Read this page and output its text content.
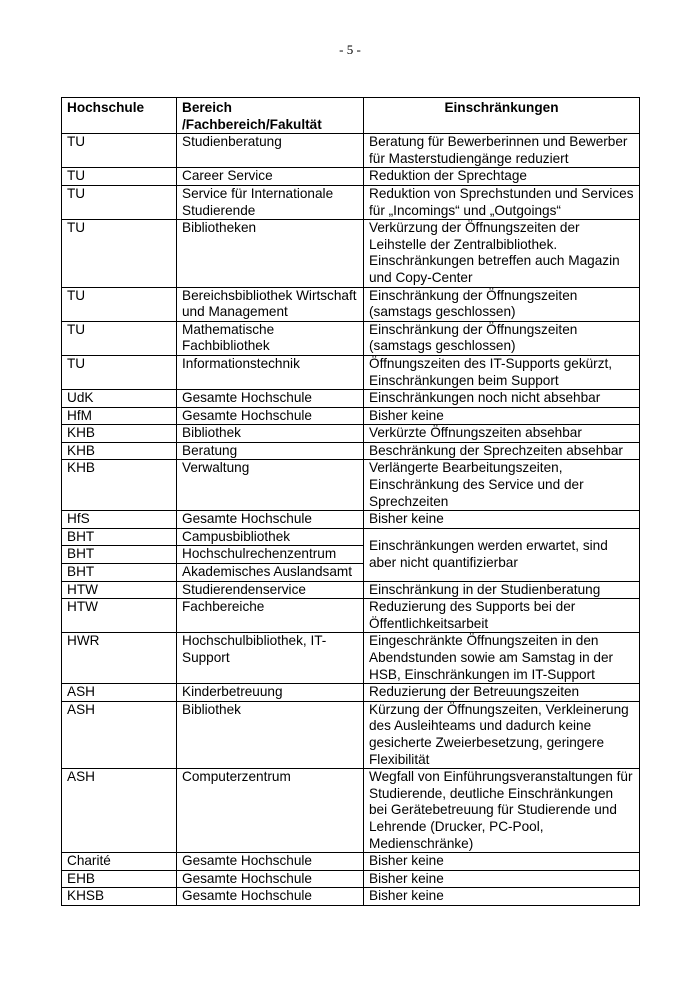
- 5 -
Hochschule	Bereich /Fachbereich/Fakultät	Einschränkungen
TU	Studienberatung	Beratung für Bewerberinnen und Bewerber für Masterstudiengänge reduziert
TU	Career Service	Reduktion der Sprechtage
TU	Service für Internationale Studierende	Reduktion von Sprechstunden und Services für „Incomings“ und „Outgoings“
TU	Bibliotheken	Verkürzung der Öffnungszeiten der Leihstelle der Zentralbibliothek. Einschränkungen betreffen auch Magazin und Copy-Center
TU	Bereichsbibliothek Wirtschaft und Management	Einschränkung der Öffnungszeiten (samstags geschlossen)
TU	Mathematische Fachbibliothek	Einschränkung der Öffnungszeiten (samstags geschlossen)
TU	Informationstechnik	Öffnungszeiten des IT-Supports gekürzt, Einschränkungen beim Support
UdK	Gesamte Hochschule	Einschränkungen noch nicht absehbar
HfM	Gesamte Hochschule	Bisher keine
KHB	Bibliothek	Verkürzte Öffnungszeiten absehbar
KHB	Beratung	Beschränkung der Sprechzeiten absehbar
KHB	Verwaltung	Verlängerte Bearbeitungszeiten, Einschränkung des Service und der Sprechzeiten
HfS	Gesamte Hochschule	Bisher keine
BHT	Campusbibliothek	Einschränkungen werden erwartet, sind aber nicht quantifizierbar
BHT	Hochschulrechenzentrum	
BHT	Akademisches Auslandsamt	
HTW	Studierendenservice	Einschränkung in der Studienberatung
HTW	Fachbereiche	Reduzierung des Supports bei der Öffentlichkeitsarbeit
HWR	Hochschulbibliothek, IT-Support	Eingeschränkte Öffnungszeiten in den Abendstunden sowie am Samstag in der HSB, Einschränkungen im IT-Support
ASH	Kinderbetreuung	Reduzierung der Betreuungszeiten
ASH	Bibliothek	Kürzung der Öffnungszeiten, Verkleinerung des Ausleihteams und dadurch keine gesicherte Zweierbesetzung, geringere Flexibilität
ASH	Computerzentrum	Wegfall von Einführungsveranstaltungen für Studierende, deutliche Einschränkungen bei Gerätebetreuung für Studierende und Lehrende (Drucker, PC-Pool, Medienschränke)
Charité	Gesamte Hochschule	Bisher keine
EHB	Gesamte Hochschule	Bisher keine
KHSB	Gesamte Hochschule	Bisher keine
